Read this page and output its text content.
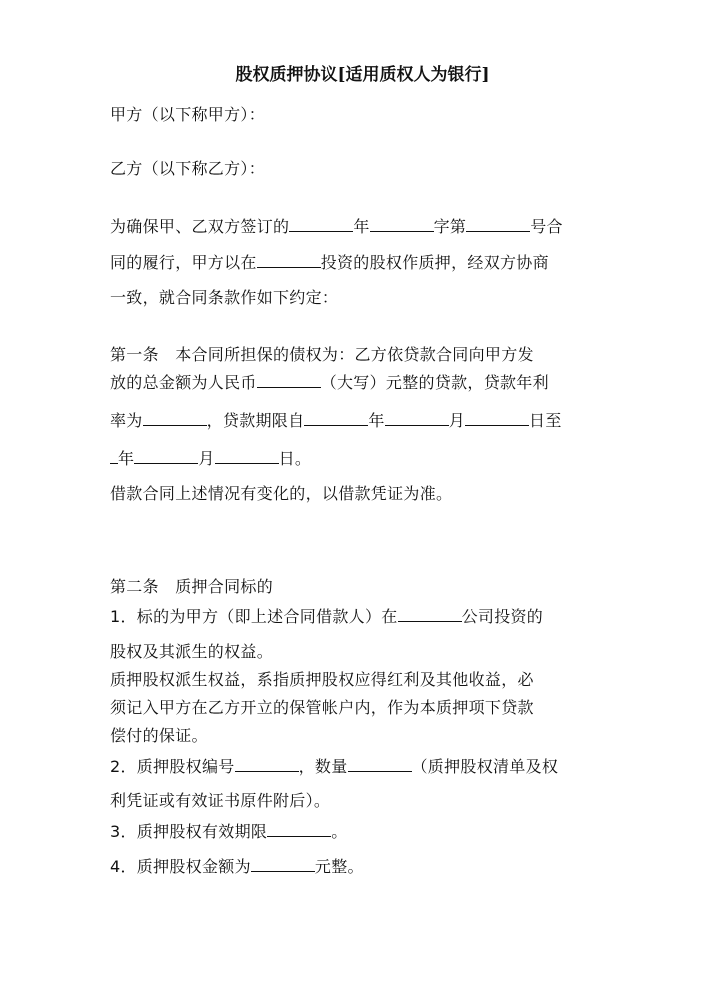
股权质押协议[适用质权人为银行]
甲方（以下称甲方）：
乙方（以下称乙方）：
为确保甲、乙双方签订的	年	字第	号合
同的履行，甲方以在	投资的股权作质押，经双方协商
一致，就合同条款作如下约定：
第一条　本合同所担保的债权为：乙方依贷款合同向甲方发
放的总金额为人民币	（大写）元整的贷款，贷款年利
率为	，贷款期限自	年	月	日至
年	月	日。
借款合同上述情况有变化的，以借款凭证为准。
第二条　质押合同标的
1．标的为甲方（即上述合同借款人）在	公司投资的
股权及其派生的权益。
质押股权派生权益，系指质押股权应得红利及其他收益，必
须记入甲方在乙方开立的保管帐户内，作为本质押项下贷款
偿付的保证。
2．质押股权编号	，数量	（质押股权清单及权
利凭证或有效证书原件附后）。
3．质押股权有效期限	。
4．质押股权金额为	元整。
